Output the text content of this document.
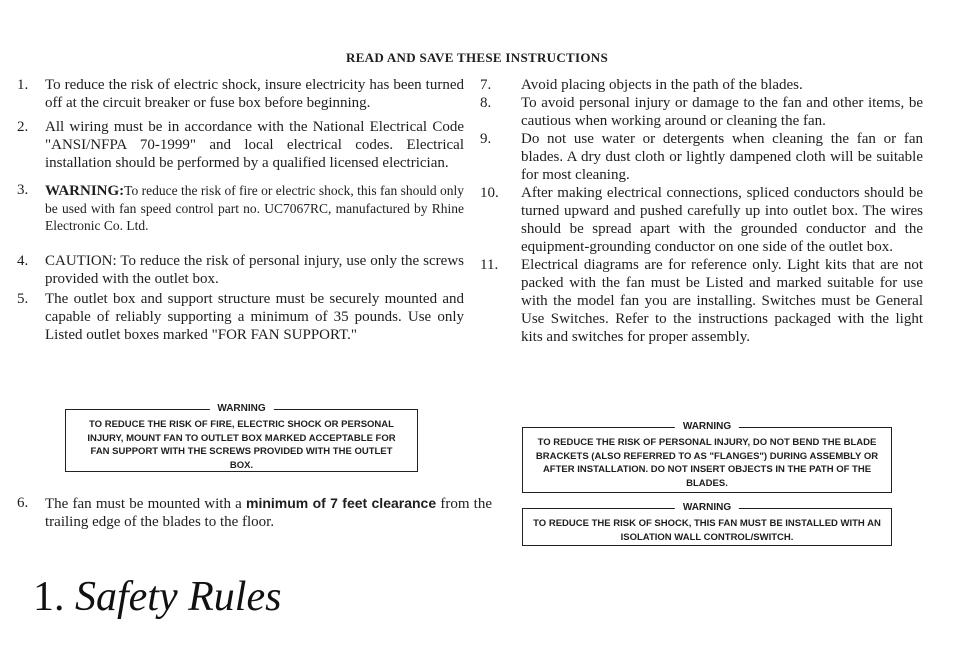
READ AND SAVE THESE INSTRUCTIONS
1. To reduce the risk of electric shock, insure electricity has been turned off at the circuit breaker or fuse box before beginning.
2. All wiring must be in accordance with the National Electrical Code "ANSI/NFPA 70-1999" and local electrical codes. Electrical installation should be performed by a qualified licensed electrician.
3. WARNING:To reduce the risk of fire or electric shock, this fan should only be used with fan speed control part no. UC7067RC, manufactured by Rhine Electronic Co. Ltd.
4. CAUTION: To reduce the risk of personal injury, use only the screws provided with the outlet box.
5. The outlet box and support structure must be securely mounted and capable of reliably supporting a minimum of 35 pounds. Use only Listed outlet boxes marked "FOR FAN SUPPORT."
WARNING
TO REDUCE THE RISK OF FIRE, ELECTRIC SHOCK OR PERSONAL INJURY, MOUNT FAN TO OUTLET BOX MARKED ACCEPTABLE FOR FAN SUPPORT WITH THE SCREWS PROVIDED WITH THE OUTLET BOX.
6. The fan must be mounted with a minimum of 7 feet clearance from the trailing edge of the blades to the floor.
7. Avoid placing objects in the path of the blades.
8. To avoid personal injury or damage to the fan and other items, be cautious when working around or cleaning the fan.
9. Do not use water or detergents when cleaning the fan or fan blades. A dry dust cloth or lightly dampened cloth will be suitable for most cleaning.
10. After making electrical connections, spliced conductors should be turned upward and pushed carefully up into outlet box. The wires should be spread apart with the grounded conductor and the equipment-grounding conductor on one side of the outlet box.
11. Electrical diagrams are for reference only. Light kits that are not packed with the fan must be Listed and marked suitable for use with the model fan you are installing. Switches must be General Use Switches. Refer to the instructions packaged with the light kits and switches for proper assembly.
WARNING
TO REDUCE THE RISK OF PERSONAL INJURY, DO NOT BEND THE BLADE BRACKETS (ALSO REFERRED TO AS "FLANGES") DURING ASSEMBLY OR AFTER INSTALLATION. DO NOT INSERT OBJECTS IN THE PATH OF THE BLADES.
WARNING
TO REDUCE THE RISK OF SHOCK, THIS FAN MUST BE INSTALLED WITH AN ISOLATION WALL CONTROL/SWITCH.
1. Safety Rules
